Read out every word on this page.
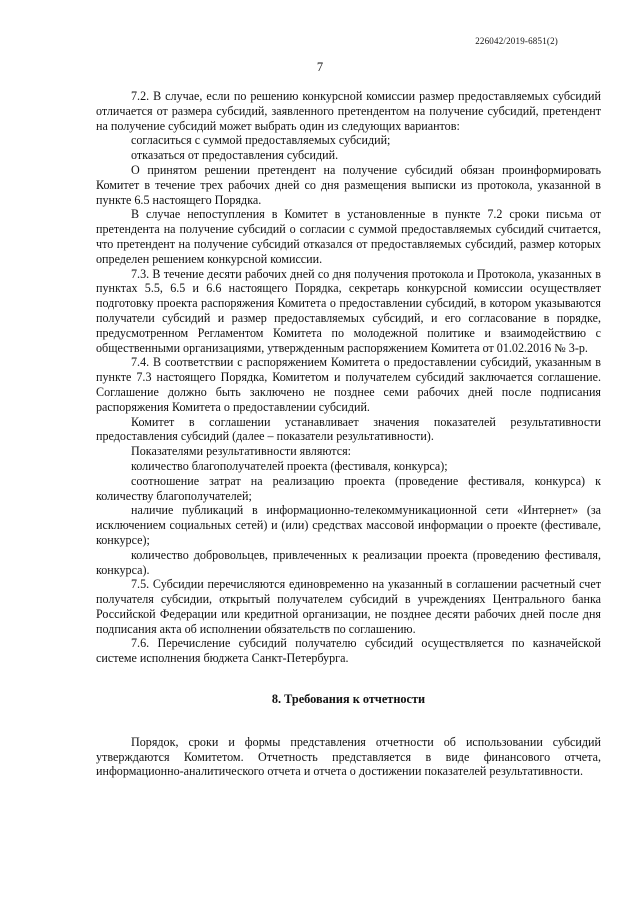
226042/2019-6851(2)
7

7.2. В случае, если по решению конкурсной комиссии размер предоставляемых субсидий отличается от размера субсидий, заявленного претендентом на получение субсидий, претендент на получение субсидий может выбрать один из следующих вариантов:

согласиться с суммой предоставляемых субсидий;

отказаться от предоставления субсидий.

О принятом решении претендент на получение субсидий обязан проинформировать Комитет в течение трех рабочих дней со дня размещения выписки из протокола, указанной в пункте 6.5 настоящего Порядка.

В случае непоступления в Комитет в установленные в пункте 7.2 сроки письма от претендента на получение субсидий о согласии с суммой предоставляемых субсидий считается, что претендент на получение субсидий отказался от предоставляемых субсидий, размер которых определен решением конкурсной комиссии.

7.3. В течение десяти рабочих дней со дня получения протокола и Протокола, указанных в пунктах 5.5, 6.5 и 6.6 настоящего Порядка, секретарь конкурсной комиссии осуществляет подготовку проекта распоряжения Комитета о предоставлении субсидий, в котором указываются получатели субсидий и размер предоставляемых субсидий, и его согласование в порядке, предусмотренном Регламентом Комитета по молодежной политике и взаимодействию с общественными организациями, утвержденным распоряжением Комитета от 01.02.2016 № 3-р.

7.4. В соответствии с распоряжением Комитета о предоставлении субсидий, указанным в пункте 7.3 настоящего Порядка, Комитетом и получателем субсидий заключается соглашение. Соглашение должно быть заключено не позднее семи рабочих дней после подписания распоряжения Комитета о предоставлении субсидий.

Комитет в соглашении устанавливает значения показателей результативности предоставления субсидий (далее – показатели результативности).

Показателями результативности являются:

количество благополучателей проекта (фестиваля, конкурса);

соотношение затрат на реализацию проекта (проведение фестиваля, конкурса) к количеству благополучателей;

наличие публикаций в информационно-телекоммуникационной сети «Интернет» (за исключением социальных сетей) и (или) средствах массовой информации о проекте (фестивале, конкурсе);

количество добровольцев, привлеченных к реализации проекта (проведению фестиваля, конкурса).

7.5. Субсидии перечисляются единовременно на указанный в соглашении расчетный счет получателя субсидии, открытый получателем субсидий в учреждениях Центрального банка Российской Федерации или кредитной организации, не позднее десяти рабочих дней после дня подписания акта об исполнении обязательств по соглашению.

7.6. Перечисление субсидий получателю субсидий осуществляется по казначейской системе исполнения бюджета Санкт-Петербурга.

8. Требования к отчетности

Порядок, сроки и формы представления отчетности об использовании субсидий утверждаются Комитетом. Отчетность представляется в виде финансового отчета, информационно-аналитического отчета и отчета о достижении показателей результативности.
